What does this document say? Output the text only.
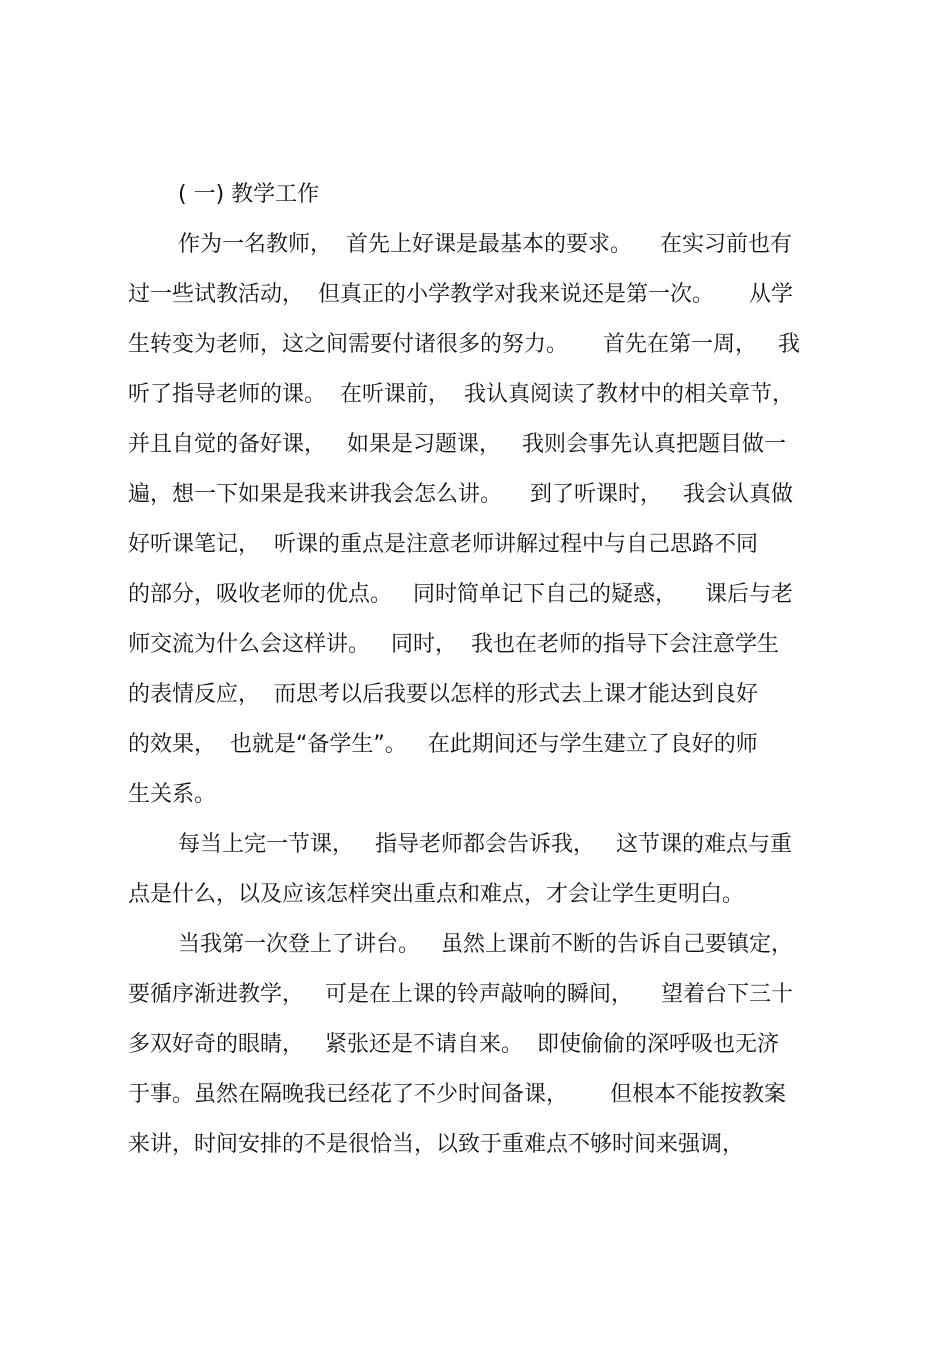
( 一) 教学工作
作为一名教师，  首先上好课是最基本的要求。    在实习前也有
过一些试教活动，  但真正的小学教学对我来说还是第一次。     从学
生转变为老师，这之间需要付诸很多的努力。     首先在第一周，   我
听了指导老师的课。  在听课前，  我认真阅读了教材中的相关章节，
并且自觉的备好课，   如果是习题课，   我则会事先认真把题目做一
遍，想一下如果是我来讲我会怎么讲。    到了听课时，   我会认真做
好听课笔记，  听课的重点是注意老师讲解过程中与自己思路不同
的部分，吸收老师的优点。   同时简单记下自己的疑惑，    课后与老
师交流为什么会这样讲。   同时，  我也在老师的指导下会注意学生
的表情反应，  而思考以后我要以怎样的形式去上课才能达到良好
的效果，  也就是“备学生”。   在此期间还与学生建立了良好的师
生关系。
每当上完一节课，   指导老师都会告诉我，   这节课的难点与重
点是什么，以及应该怎样突出重点和难点，才会让学生更明白。
当我第一次登上了讲台。   虽然上课前不断的告诉自己要镇定，
要循序渐进教学，   可是在上课的铃声敲响的瞬间，    望着台下三十
多双好奇的眼睛，   紧张还是不请自来。  即使偷偷的深呼吸也无济
于事。虽然在隔晚我已经花了不少时间备课，      但根本不能按教案
来讲，时间安排的不是很恰当，以致于重难点不够时间来强调，
